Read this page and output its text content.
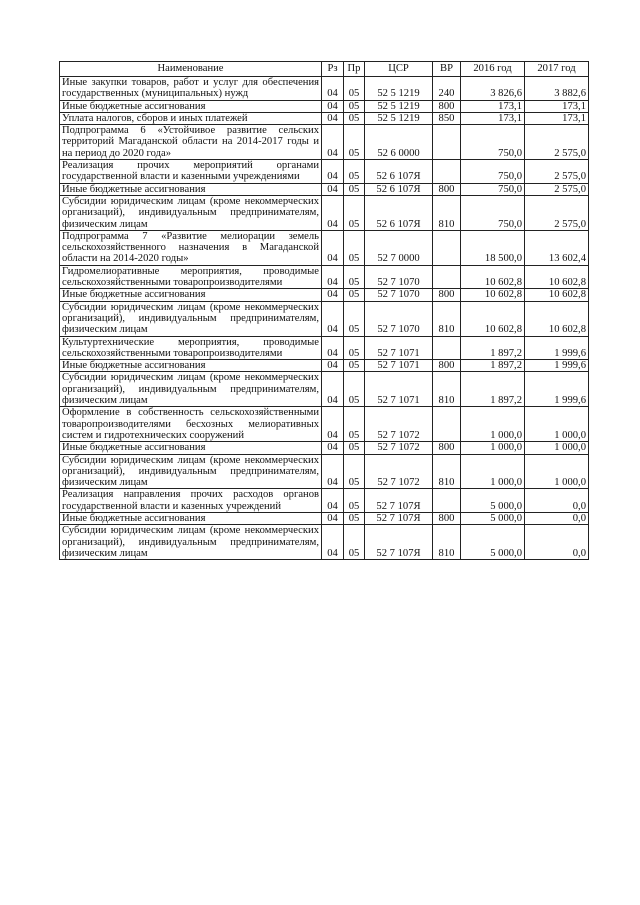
Наименование	Рз	Пр	ЦСР	ВР	2016 год	2017 год
Иные закупки товаров, работ и услуг для обеспечения государственных (муниципальных) нужд	04	05	52 5 1219	240	3 826,6	3 882,6
Иные бюджетные ассигнования	04	05	52 5 1219	800	173,1	173,1
Уплата налогов, сборов и иных платежей	04	05	52 5 1219	850	173,1	173,1
Подпрограмма 6 «Устойчивое развитие сельских территорий Магаданской области на 2014-2017 годы и на период до 2020 года»	04	05	52 6 0000		750,0	2 575,0
Реализация прочих мероприятий органами государственной власти и казенными учреждениями	04	05	52 6 107Я		750,0	2 575,0
Иные бюджетные ассигнования	04	05	52 6 107Я	800	750,0	2 575,0
Субсидии юридическим лицам (кроме некоммерческих организаций), индивидуальным предпринимателям, физическим лицам	04	05	52 6 107Я	810	750,0	2 575,0
Подпрограмма 7 «Развитие мелиорации земель сельскохозяйственного назначения в Магаданской области на 2014-2020 годы»	04	05	52 7 0000		18 500,0	13 602,4
Гидромелиоративные мероприятия, проводимые сельскохозяйственными товаропроизводителями	04	05	52 7 1070		10 602,8	10 602,8
Иные бюджетные ассигнования	04	05	52 7 1070	800	10 602,8	10 602,8
Субсидии юридическим лицам (кроме некоммерческих организаций), индивидуальным предпринимателям, физическим лицам	04	05	52 7 1070	810	10 602,8	10 602,8
Культуртехнические мероприятия, проводимые сельскохозяйственными товаропроизводителями	04	05	52 7 1071		1 897,2	1 999,6
Иные бюджетные ассигнования	04	05	52 7 1071	800	1 897,2	1 999,6
Субсидии юридическим лицам (кроме некоммерческих организаций), индивидуальным предпринимателям, физическим лицам	04	05	52 7 1071	810	1 897,2	1 999,6
Оформление в собственность сельскохозяйственными товаропроизводителями бесхозных мелиоративных систем и гидротехнических сооружений	04	05	52 7 1072		1 000,0	1 000,0
Иные бюджетные ассигнования	04	05	52 7 1072	800	1 000,0	1 000,0
Субсидии юридическим лицам (кроме некоммерческих организаций), индивидуальным предпринимателям, физическим лицам	04	05	52 7 1072	810	1 000,0	1 000,0
Реализация направления прочих расходов органов государственной власти и казенных учреждений	04	05	52 7 107Я		5 000,0	0,0
Иные бюджетные ассигнования	04	05	52 7 107Я	800	5 000,0	0,0
Субсидии юридическим лицам (кроме некоммерческих организаций), индивидуальным предпринимателям, физическим лицам	04	05	52 7 107Я	810	5 000,0	0,0
